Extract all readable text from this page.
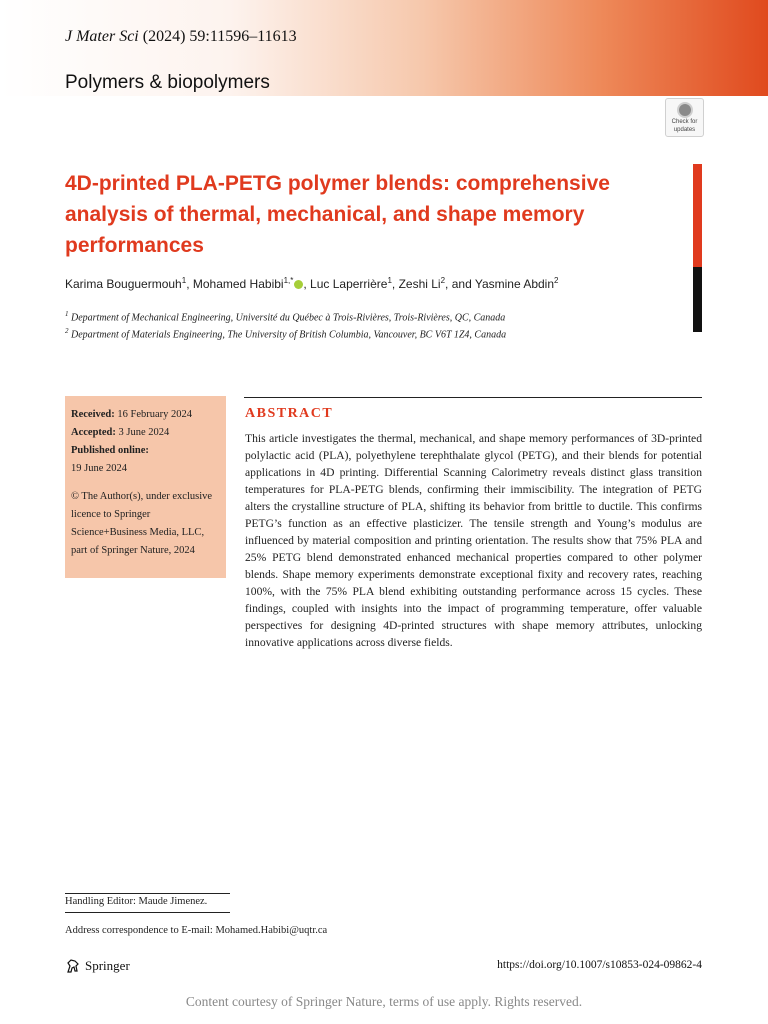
J Mater Sci (2024) 59:11596–11613
Polymers & biopolymers
Check for
updates
4D-printed PLA-PETG polymer blends: comprehensive analysis of thermal, mechanical, and shape memory performances
Karima Bouguermouh$^1$, Mohamed Habibi$^{1,*}$ , Luc Laperrière$^1$, Zeshi Li$^2$, and Yasmine Abdin$^2$
$^1$ Department of Mechanical Engineering, Université du Québec à Trois-Rivières, Trois-Rivières, QC, Canada
$^2$ Department of Materials Engineering, The University of British Columbia, Vancouver, BC V6T 1Z4, Canada
Received: 16 February 2024
Accepted: 3 June 2024
Published online:
19 June 2024
© The Author(s), under exclusive licence to Springer Science+Business Media, LLC, part of Springer Nature, 2024
ABSTRACT
This article investigates the thermal, mechanical, and shape memory performances of 3D-printed polylactic acid (PLA), polyethylene terephthalate glycol (PETG), and their blends for potential applications in 4D printing. Differential Scanning Calorimetry reveals distinct glass transition temperatures for PLA-PETG blends, confirming their immiscibility. The integration of PETG alters the crystalline structure of PLA, shifting its behavior from brittle to ductile. This confirms PETG’s function as an effective plasticizer. The tensile strength and Young’s modulus are influenced by material composition and printing orientation. The results show that 75% PLA and 25% PETG blend demonstrated enhanced mechanical properties compared to other polymer blends. Shape memory experiments demonstrate exceptional fixity and recovery rates, reaching 100%, with the 75% PLA blend exhibiting outstanding performance across 15 cycles. These findings, coupled with insights into the impact of programming temperature, offer valuable perspectives for designing 4D-printed structures with shape memory attributes, unlocking innovative applications across diverse fields.
Handling Editor: Maude Jimenez.
Address correspondence to E-mail: Mohamed.Habibi@uqtr.ca
Springer	https://doi.org/10.1007/s10853-024-09862-4
Content courtesy of Springer Nature, terms of use apply. Rights reserved.
